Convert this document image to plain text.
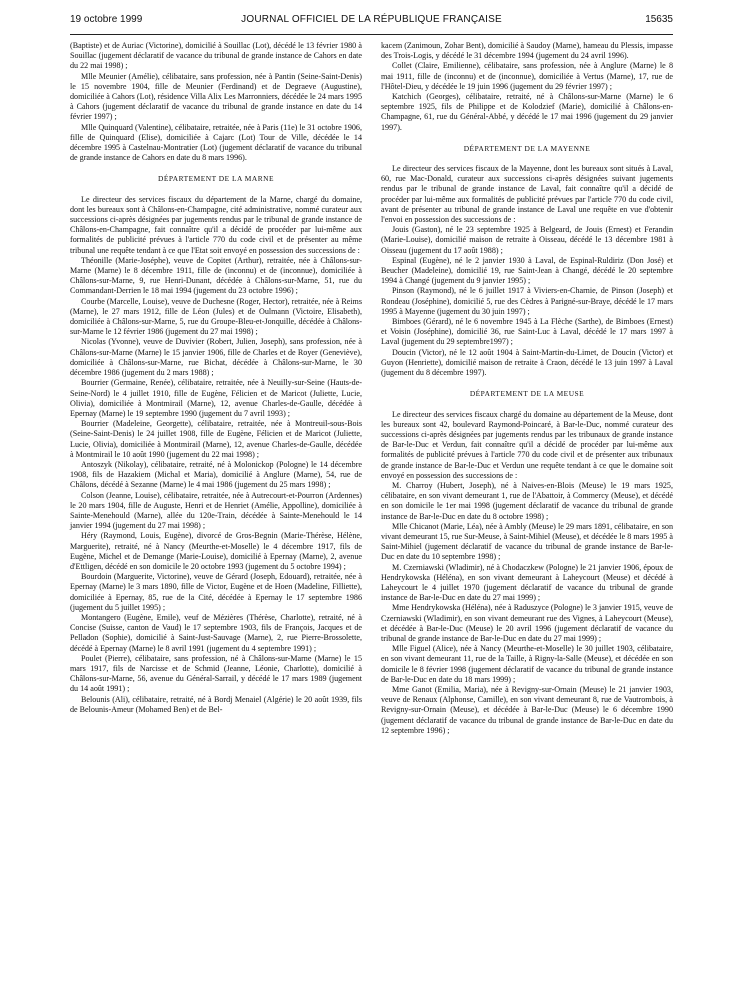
19 octobre 1999	JOURNAL OFFICIEL DE LA RÉPUBLIQUE FRANÇAISE	15635

(Baptiste) et de Auriac (Victorine), domicilié à Souillac (Lot), décédé le 13 février 1980 à Souillac (jugement déclaratif de vacance du tribunal de grande instance de Cahors en date du 22 mai 1998) ;

Mlle Meunier (Amélie), célibataire, sans profession, née à Pantin (Seine-Saint-Denis) le 15 novembre 1904, fille de Meunier (Ferdinand) et de Degraeve (Augustine), domiciliée à Cahors (Lot), résidence Villa Alix Les Marronniers, décédée le 24 mars 1995 à Cahors (jugement déclaratif de vacance du tribunal de grande instance en date du 14 février 1997) ;

Mlle Quinquard (Valentine), célibataire, retraitée, née à Paris (11e) le 31 octobre 1906, fille de Quinquard (Elise), domiciliée à Cajarc (Lot) Tour de Ville, décédée le 14 décembre 1995 à Castelnau-Montratier (Lot) (jugement déclaratif de vacance du tribunal de grande instance de Cahors en date du 8 mars 1996).

DÉPARTEMENT DE LA MARNE

Le directeur des services fiscaux du département de la Marne, chargé du domaine, dont les bureaux sont à Châlons-en-Champagne, cité administrative, nommé curateur aux successions ci-après désignées par jugements rendus par le tribunal de grande instance de Châlons-en-Champagne, fait connaître qu'il a décidé de procéder par lui-même aux formalités de publicité prévues à l'article 770 du code civil et de présenter au même tribunal une requête tendant à ce que l'Etat soit envoyé en possession des successions de :

Théonille (Marie-Joséphe), veuve de Copitet (Arthur), retraitée, née à Châlons-sur-Marne (Marne) le 8 décembre 1911, fille de (inconnu) et de (inconnue), domiciliée à Châlons-sur-Marne, 9, rue Henri-Dunant, décédée à Châlons-sur-Marne, 51, rue du Commandant-Derrien le 18 mai 1994 (jugement du 23 octobre 1996) ;

Courbe (Marcelle, Louise), veuve de Duchesne (Roger, Hector), retraitée, née à Reims (Marne), le 27 mars 1912, fille de Léon (Jules) et de Oulmann (Victoire, Elisabeth), domiciliée à Châlons-sur-Marne, 5, rue du Groupe-Bleu-et-Jonquille, décédée à Châlons-sur-Marne le 12 février 1986 (jugement du 27 mai 1998) ;

Nicolas (Yvonne), veuve de Duvivier (Robert, Julien, Joseph), sans profession, née à Châlons-sur-Marne (Marne) le 15 janvier 1906, fille de Charles et de Royer (Geneviève), domiciliée à Châlons-sur-Marne, rue Bichat, décédée à Châlons-sur-Marne, le 30 décembre 1986 (jugement du 2 mars 1988) ;

Bourrier (Germaine, Renée), célibataire, retraitée, née à Neuilly-sur-Seine (Hauts-de-Seine-Nord) le 4 juillet 1910, fille de Eugène, Félicien et de Maricot (Juliette, Lucie, Olivia), domiciliée à Montmirail (Marne), 12, avenue Charles-de-Gaulle, décédée à Epernay (Marne) le 19 septembre 1990 (jugement du 7 avril 1993) ;

Bourrier (Madeleine, Georgette), célibataire, retraitée, née à Montreuil-sous-Bois (Seine-Saint-Denis) le 24 juillet 1908, fille de Eugène, Félicien et de Maricot (Juliette, Lucie, Olivia), domiciliée à Montmirail (Marne), 12, avenue Charles-de-Gaulle, décédée à Montmirail le 10 août 1990 (jugement du 22 mai 1998) ;

Antoszyk (Nikolay), célibataire, retraité, né à Molonickop (Pologne) le 14 décembre 1908, fils de Hazakiem (Michal et Maria), domicilié à Anglure (Marne), 54, rue de Châlons, décédé à Sezanne (Marne) le 4 mai 1986 (jugement du 25 mars 1998) ;

Colson (Jeanne, Louise), célibataire, retraitée, née à Autrecourt-et-Pourron (Ardennes) le 20 mars 1904, fille de Auguste, Henri et de Henriet (Amélie, Appolline), domiciliée à Sainte-Menehould (Marne), allée du 120e-Train, décédée à Sainte-Menehould le 14 janvier 1994 (jugement du 27 mai 1998) ;

Héry (Raymond, Louis, Eugène), divorcé de Gros-Begnin (Marie-Thérèse, Hélène, Marguerite), retraité, né à Nancy (Meurthe-et-Moselle) le 4 décembre 1917, fils de Eugène, Michel et de Demange (Marie-Louise), domicilié à Epernay (Marne), 2, avenue d'Ettligen, décédé en son domicile le 20 octobre 1993 (jugement du 5 octobre 1994) ;

Bourdoin (Marguerite, Victorine), veuve de Gérard (Joseph, Edouard), retraitée, née à Epernay (Marne) le 3 mars 1890, fille de Victor, Eugène et de Hoen (Madeline, Filliette), domiciliée à Epernay, 85, rue de la Cité, décédée à Epernay le 17 septembre 1986 (jugement du 5 juillet 1995) ;

Montangero (Eugène, Emile), veuf de Mézières (Thérèse, Charlotte), retraité, né à Concise (Suisse, canton de Vaud) le 17 septembre 1903, fils de François, Jacques et de Pelladon (Sophie), domicilié à Saint-Just-Sauvage (Marne), 2, rue Pierre-Brossolette, décédé à Epernay (Marne) le 8 avril 1991 (jugement du 4 septembre 1991) ;

Poulet (Pierre), célibataire, sans profession, né à Châlons-sur-Marne (Marne) le 15 mars 1917, fils de Narcisse et de Schmid (Jeanne, Léonie, Charlotte), domicilié à Châlons-sur-Marne, 56, avenue du Général-Sarrail, y décédé le 17 mars 1989 (jugement du 14 août 1991) ;

Belounis (Ali), célibataire, retraité, né à Bordj Menaiel (Algérie) le 20 août 1939, fils de Belounis-Ameur (Mohamed Ben) et de Bel-

kacem (Zanimoun, Zohar Bent), domicilié à Saudoy (Marne), hameau du Plessis, impasse des Trois-Logis, y décédé le 31 décembre 1994 (jugement du 24 avril 1996).

Collet (Claire, Emilienne), célibataire, sans profession, née à Anglure (Marne) le 8 mai 1911, fille de (inconnu) et de (inconnue), domiciliée à Vertus (Marne), 17, rue de l'Hôtel-Dieu, y décédée le 19 juin 1996 (jugement du 29 février 1997) ;

Katchich (Georges), célibataire, retraité, né à Châlons-sur-Marne (Marne) le 6 septembre 1925, fils de Philippe et de Kolodzief (Marie), domicilié à Châlons-en-Champagne, 61, rue du Général-Abbé, y décédé le 17 mai 1996 (jugement du 29 janvier 1997).

DÉPARTEMENT DE LA MAYENNE

Le directeur des services fiscaux de la Mayenne, dont les bureaux sont situés à Laval, 60, rue Mac-Donald, curateur aux successions ci-après désignées suivant jugements rendus par le tribunal de grande instance de Laval, fait connaître qu'il a décidé de procéder par lui-même aux formalités de publicité prévues par l'article 770 du code civil, avant de présenter au tribunal de grande instance de Laval une requête en vue d'obtenir l'envoi en possession des successions de :

Jouis (Gaston), né le 23 septembre 1925 à Belgeard, de Jouis (Ernest) et Ferandin (Marie-Louise), domicilié maison de retraite à Oisseau, décédé le 13 décembre 1981 à Oisseau (jugement du 17 août 1988) ;

Espinal (Eugène), né le 2 janvier 1930 à Laval, de Espinal-Ruldiriz (Don José) et Beucher (Madeleine), domicilié 19, rue Saint-Jean à Changé, décédé le 20 septembre 1994 à Changé (jugement du 9 janvier 1995) ;

Pinson (Raymond), né le 6 juillet 1917 à Viviers-en-Charnie, de Pinson (Joseph) et Rondeau (Joséphine), domicilié 5, rue des Cèdres à Parigné-sur-Braye, décédé le 17 mars 1995 à Mayenne (jugement du 30 juin 1997) ;

Bimboes (Gérard), né le 6 novembre 1945 à La Flèche (Sarthe), de Bimboes (Ernest) et Voisin (Joséphine), domicilié 36, rue Saint-Luc à Laval, décédé le 17 mars 1997 à Laval (jugement du 29 septembre1997) ;

Doucin (Victor), né le 12 août 1904 à Saint-Martin-du-Limet, de Doucin (Victor) et Guyon (Henriette), domicilié maison de retraite à Craon, décédé le 13 juin 1997 à Laval (jugement du 8 décembre 1997).

DÉPARTEMENT DE LA MEUSE

Le directeur des services fiscaux chargé du domaine au département de la Meuse, dont les bureaux sont 42, boulevard Raymond-Poincaré, à Bar-le-Duc, nommé curateur des successions ci-après désignées par jugements rendus par les tribunaux de grande instance de Bar-le-Duc et Verdun, fait connaître qu'il a décidé de procéder par lui-même aux formalités de publicité prévues à l'article 770 du code civil et de présenter aux tribunaux de grande instance de Bar-le-Duc et Verdun une requête tendant à ce que le domaine soit envoyé en possession des successions de :

M. Charroy (Hubert, Joseph), né à Naives-en-Blois (Meuse) le 19 mars 1925, célibataire, en son vivant demeurant 1, rue de l'Abattoir, à Commercy (Meuse), et décédé en son domicile le 1er mai 1998 (jugement déclaratif de vacance du tribunal de grande instance de Bar-le-Duc en date du 8 octobre 1998) ;

Mlle Chicanot (Marie, Léa), née à Ambly (Meuse) le 29 mars 1891, célibataire, en son vivant demeurant 15, rue Sur-Meuse, à Saint-Mihiel (Meuse), et décédée le 8 mars 1995 à Saint-Mihiel (jugement déclaratif de vacance du tribunal de grande instance de Bar-le-Duc en date du 10 septembre 1998) ;

M. Czerniawski (Wladimir), né à Chodaczkew (Pologne) le 21 janvier 1906, époux de Hendrykowska (Héléna), en son vivant demeurant à Laheycourt (Meuse) et décédé à Laheycourt le 4 juillet 1970 (jugement déclaratif de vacance du tribunal de grande instance de Bar-le-Duc en date du 27 mai 1999) ;

Mme Hendrykowska (Héléna), née à Raduszyce (Pologne) le 3 janvier 1915, veuve de Czerniawski (Wladimir), en son vivant demeurant rue des Vignes, à Laheycourt (Meuse), et décédée à Bar-le-Duc (Meuse) le 20 avril 1996 (jugement déclaratif de vacance du tribunal de grande instance de Bar-le-Duc en date du 27 mai 1999) ;

Mlle Figuel (Alice), née à Nancy (Meurthe-et-Moselle) le 30 juillet 1903, célibataire, en son vivant demeurant 11, rue de la Taille, à Rigny-la-Salle (Meuse), et décédée en son domicile le 8 février 1998 (jugement déclaratif de vacance du tribunal de grande instance de Bar-le-Duc en date du 18 mars 1999) ;

Mme Ganot (Emilia, Maria), née à Revigny-sur-Ornain (Meuse) le 21 janvier 1903, veuve de Renaux (Alphonse, Camille), en son vivant demeurant 8, rue de Vautrombois, à Revigny-sur-Ornain (Meuse), et décédée à Bar-le-Duc (Meuse) le 6 décembre 1990 (jugement déclaratif de vacance du tribunal de grande instance de Bar-le-Duc en date du 12 septembre 1996) ;
